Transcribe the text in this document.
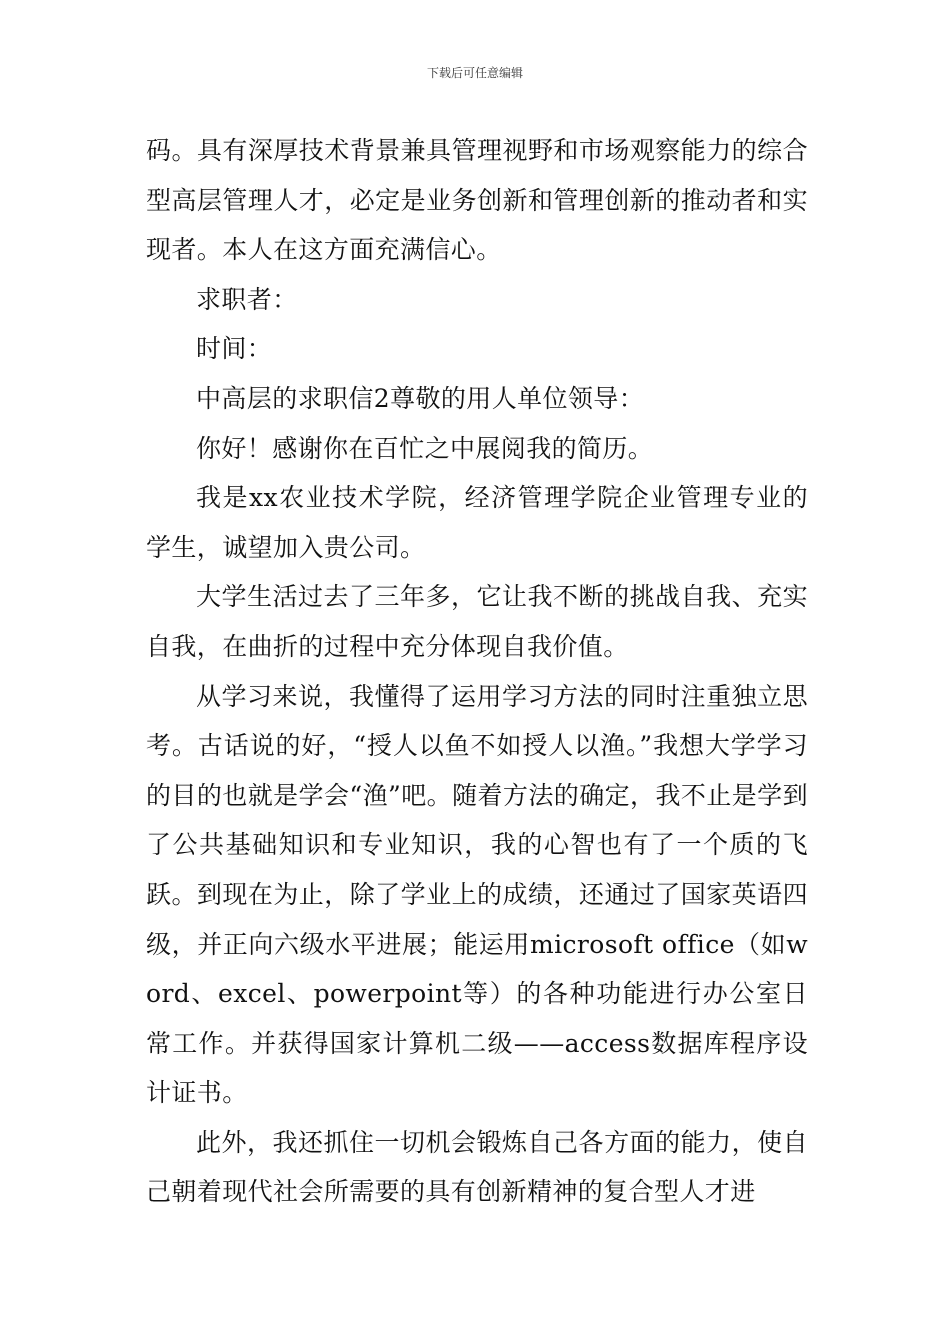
下载后可任意编辑

码。具有深厚技术背景兼具管理视野和市场观察能力的综合型高层管理人才，必定是业务创新和管理创新的推动者和实现者。本人在这方面充满信心。

求职者：

时间：

中高层的求职信2尊敬的用人单位领导：

你好！感谢你在百忙之中展阅我的简历。

我是xx农业技术学院，经济管理学院企业管理专业的学生，诚望加入贵公司。

大学生活过去了三年多，它让我不断的挑战自我、充实自我，在曲折的过程中充分体现自我价值。

从学习来说，我懂得了运用学习方法的同时注重独立思考。古话说的好，“授人以鱼不如授人以渔。”我想大学学习的目的也就是学会“渔”吧。随着方法的确定，我不止是学到了公共基础知识和专业知识，我的心智也有了一个质的飞跃。到现在为止，除了学业上的成绩，还通过了国家英语四级，并正向六级水平进展；能运用microsoft office（如word、excel、powerpoint等）的各种功能进行办公室日常工作。并获得国家计算机二级——access数据库程序设计证书。

此外，我还抓住一切机会锻炼自己各方面的能力，使自己朝着现代社会所需要的具有创新精神的复合型人才进
